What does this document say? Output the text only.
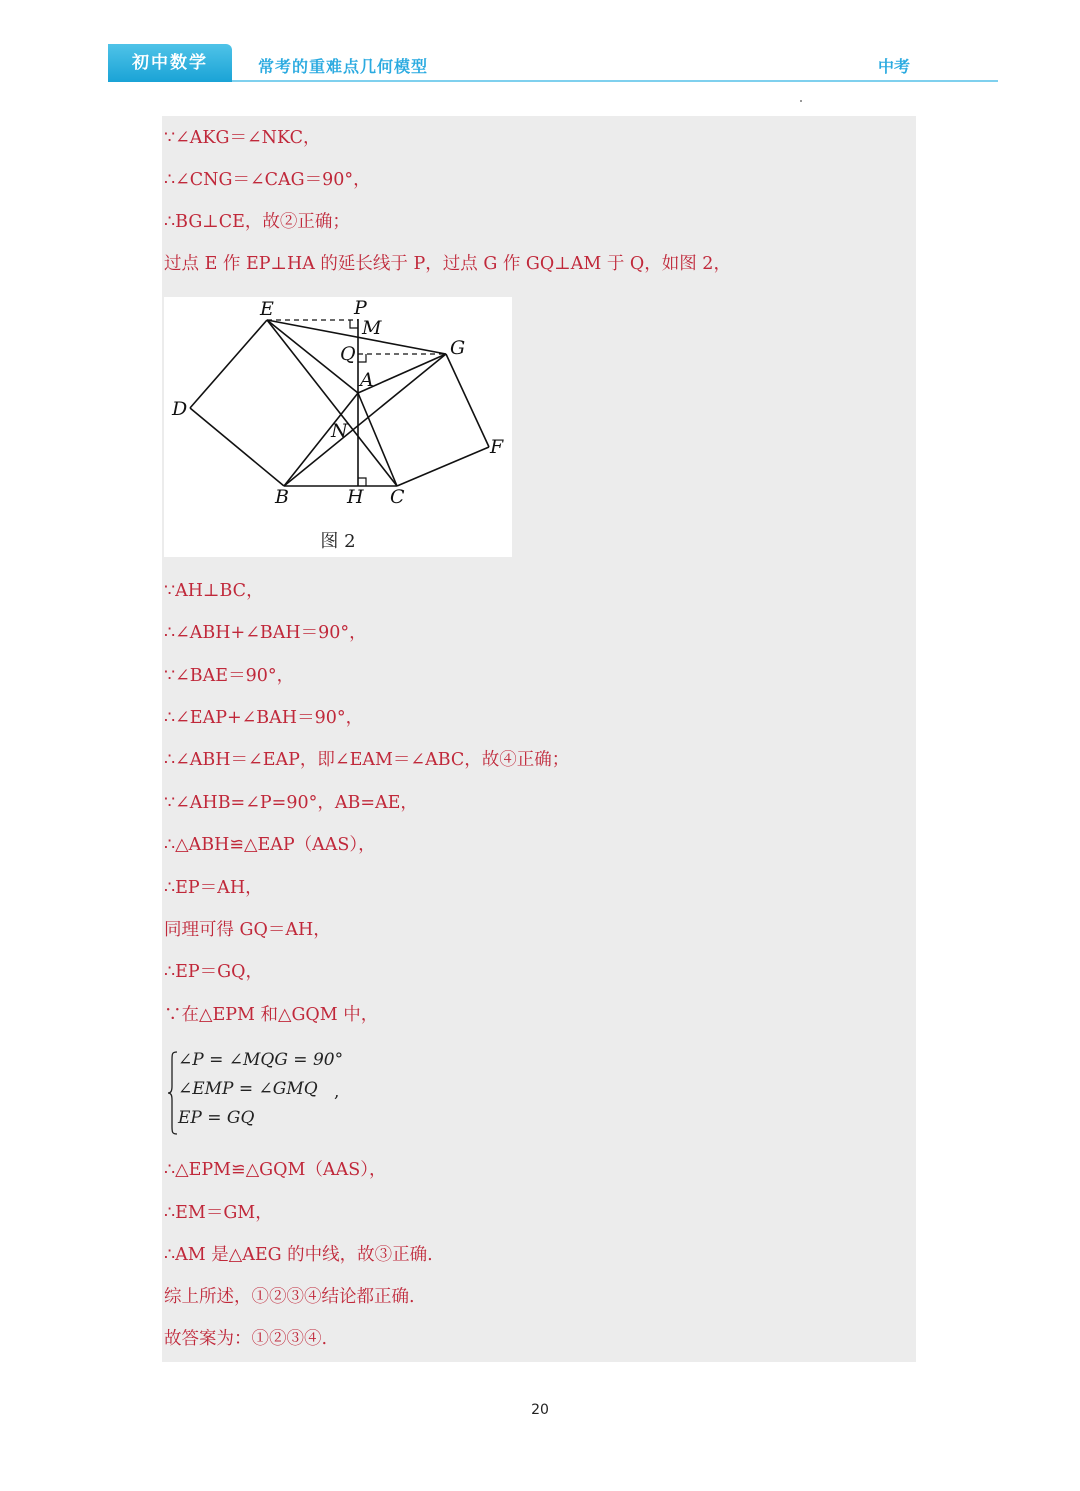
初中数学	常考的重难点几何模型	中考
∵∠AKG＝∠NKC，
∴∠CNG＝∠CAG＝90°，
∴BG⊥CE，故②正确；
过点 E 作 EP⊥HA 的延长线于 P，过点 G 作 GQ⊥AM 于 Q，如图 2，
E	P
M
Q	G
A
D
N
F
B	H C
图 2
∵AH⊥BC，
∴∠ABH+∠BAH＝90°，
∵∠BAE＝90°，
∴∠EAP+∠BAH＝90°，
∴∠ABH＝∠EAP，即∠EAM＝∠ABC，故④正确；
∵∠AHB=∠P=90°，AB=AE，
∴△ABH≌△EAP（AAS），
∴EP＝AH，
同理可得 GQ＝AH，
∴EP＝GQ，
∵在△EPM 和△GQM 中，
∠P = ∠MQG = 90°
∠EMP = ∠GMQ
EP = GQ
,
∴△EPM≌△GQM（AAS），
∴EM＝GM，
∴AM 是△AEG 的中线，故③正确.
综上所述，①②③④结论都正确.
故答案为：①②③④.
20
